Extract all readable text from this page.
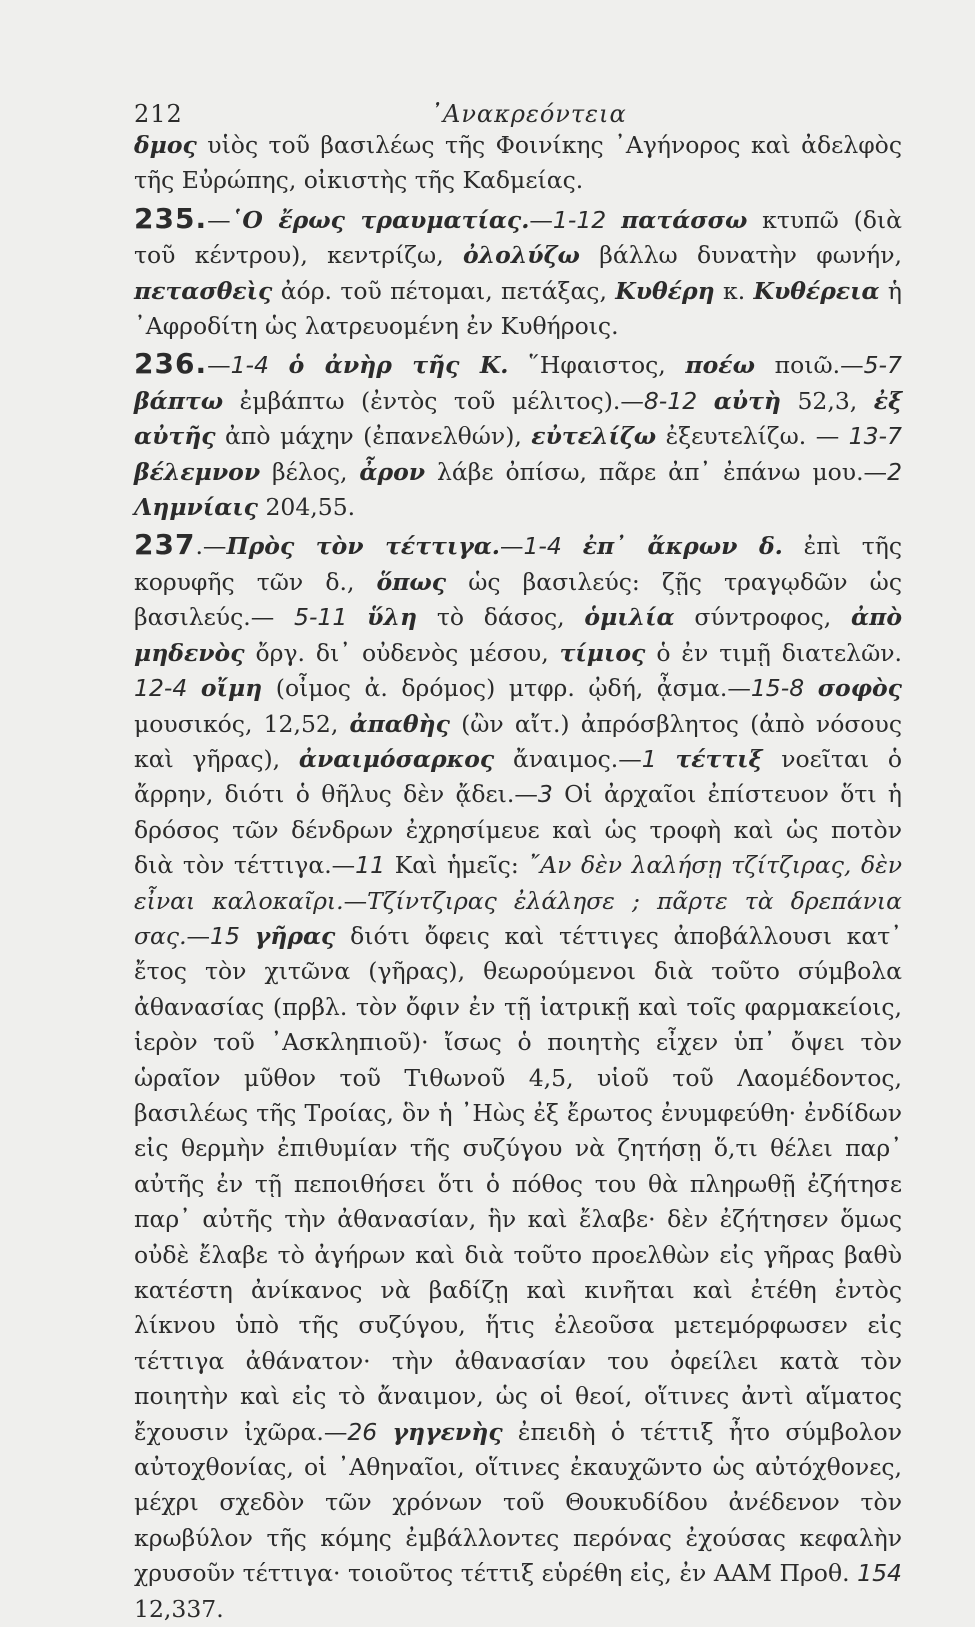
212	᾿Ανακρεόντεια

δμος υἱὸς τοῦ βασιλέως τῆς Φοινίκης ᾿Αγήνορος καὶ ἀδελφὸς τῆς Εὐρώπης, οἰκιστὴς τῆς Καδμείας.

235.—῾Ο ἔρως τραυματίας.—1-12 πατάσσω κτυπῶ (διὰ τοῦ κέντρου), κεντρίζω, ὀλολύζω βάλλω δυνατὴν φωνήν, πετασθεὶς ἀόρ. τοῦ πέτομαι, πετάξας, Κυθέρη κ. Κυθέρεια ἡ ᾿Αφροδίτη ὡς λατρευομένη ἐν Κυθήροις.

236.—1-4 ὁ ἀνὴρ τῆς Κ. ῞Ηφαιστος, ποέω ποιῶ.—5-7 βάπτω ἐμβάπτω (ἐντὸς τοῦ μέλιτος).—8-12 αὐτὴ 52,3, ἐξ αὐτῆς ἀπὸ μάχην (ἐπανελθών), εὐτελίζω ἐξευτελίζω. — 13-7 βέλεμνον βέλος, ἆρον λάβε ὀπίσω, πᾶρε ἀπ᾿ ἐπάνω μου.—2 Λημνίαις 204,55.

237.—Πρὸς τὸν τέττιγα.—1-4 ἐπ᾿ ἄκρων δ. ἐπὶ τῆς κορυφῆς τῶν δ., ὅπως ὡς βασιλεύς: ζῇς τραγῳδῶν ὡς βασιλεύς.— 5-11 ὕλη τὸ δάσος, ὁμιλία σύντροφος, ἀπὸ μηδενὸς ὄργ. δι᾿ οὐδενὸς μέσου, τίμιος ὁ ἐν τιμῇ διατελῶν. 12-4 οἴμη (οἶμος ἀ. δρόμος) μτφρ. ᾠδή, ᾆσμα.—15-8 σοφὸς μουσικός, 12,52, ἀπαθὴς (ὢν αἴτ.) ἀπρόσβλητος (ἀπὸ νόσους καὶ γῆρας), ἀναιμόσαρκος ἄναιμος.—1 τέττιξ νοεῖται ὁ ἄρρην, διότι ὁ θῆλυς δὲν ᾄδει.—3 Οἱ ἀρχαῖοι ἐπίστευον ὅτι ἡ δρόσος τῶν δένδρων ἐχρησίμευε καὶ ὡς τροφὴ καὶ ὡς ποτὸν διὰ τὸν τέττιγα.—11 Καὶ ἡμεῖς: ῎Αν δὲν λαλήσῃ τζίτζιρας, δὲν εἶναι καλοκαῖρι.—Τζίντζιρας ἐλάλησε ; πᾶρτε τὰ δρεπάνια σας.—15 γῆρας διότι ὄφεις καὶ τέττιγες ἀποβάλλουσι κατ᾿ ἔτος τὸν χιτῶνα (γῆρας), θεωρούμενοι διὰ τοῦτο σύμβολα ἀθανασίας (πρβλ. τὸν ὄφιν ἐν τῇ ἰατρικῇ καὶ τοῖς φαρμακείοις, ἱερὸν τοῦ ᾿Ασκληπιοῦ)· ἴσως ὁ ποιητὴς εἶχεν ὑπ᾿ ὄψει τὸν ὡραῖον μῦθον τοῦ Τιθωνοῦ 4,5, υἱοῦ τοῦ Λαομέδοντος, βασιλέως τῆς Τροίας, ὃν ἡ ᾿Ηὼς ἐξ ἔρωτος ἐνυμφεύθη· ἐνδίδων εἰς θερμὴν ἐπιθυμίαν τῆς συζύγου νὰ ζητήσῃ ὅ,τι θέλει παρ᾿ αὐτῆς ἐν τῇ πεποιθήσει ὅτι ὁ πόθος του θὰ πληρωθῇ ἐζήτησε παρ᾿ αὐτῆς τὴν ἀθανασίαν, ἣν καὶ ἔλαβε· δὲν ἐζήτησεν ὅμως οὐδὲ ἔλαβε τὸ ἀγήρων καὶ διὰ τοῦτο προελθὼν εἰς γῆρας βαθὺ κατέστη ἀνίκανος νὰ βαδίζῃ καὶ κινῆται καὶ ἐτέθη ἐντὸς λίκνου ὑπὸ τῆς συζύγου, ἥτις ἐλεοῦσα μετεμόρφωσεν εἰς τέττιγα ἀθάνατον· τὴν ἀθανασίαν του ὀφείλει κατὰ τὸν ποιητὴν καὶ εἰς τὸ ἄναιμον, ὡς οἱ θεοί, οἵτινες ἀντὶ αἵματος ἔχουσιν ἰχῶρα.—26 γηγενὴς ἐπειδὴ ὁ τέττιξ ἦτο σύμβολον αὐτοχθονίας, οἱ ᾿Αθηναῖοι, οἵτινες ἐκαυχῶντο ὡς αὐτόχθονες, μέχρι σχεδὸν τῶν χρόνων τοῦ Θουκυδίδου ἀνέδενον τὸν κρωβύλον τῆς κόμης ἐμβάλλοντες περόνας ἐχούσας κεφαλὴν χρυσοῦν τέττιγα· τοιοῦτος τέττιξ εὑρέθη εἰς, ἐν ΑΑΜ Προθ. 154 12,337.
